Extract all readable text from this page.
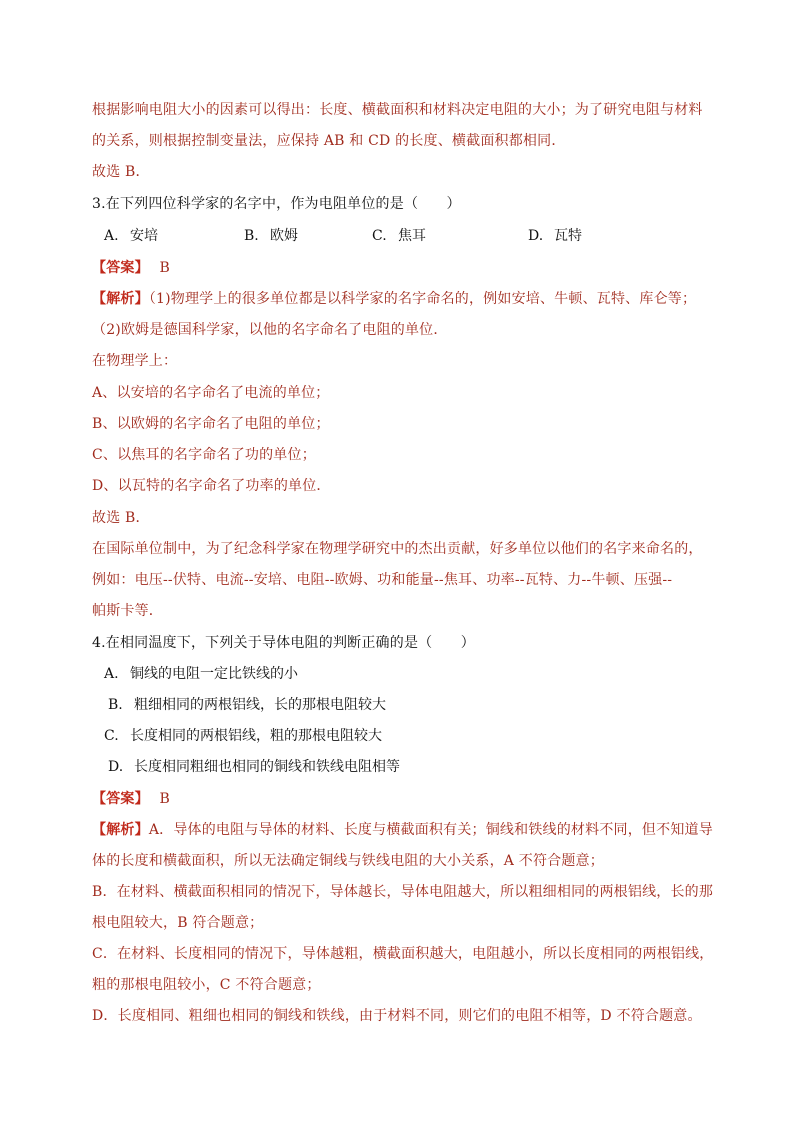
根据影响电阻大小的因素可以得出：长度、横截面积和材料决定电阻的大小；为了研究电阻与材料
的关系，则根据控制变量法，应保持 AB 和 CD 的长度、横截面积都相同．
故选 B．
3.在下列四位科学家的名字中，作为电阻单位的是（　　）
A. 安培	B. 欧姆	C. 焦耳	D. 瓦特
【答案】 B
【解析】（1)物理学上的很多单位都是以科学家的名字命名的，例如安培、牛顿、瓦特、库仑等；
（2)欧姆是德国科学家，以他的名字命名了电阻的单位．
在物理学上：
A、以安培的名字命名了电流的单位；
B、以欧姆的名字命名了电阻的单位；
C、以焦耳的名字命名了功的单位；
D、以瓦特的名字命名了功率的单位．
故选 B．
在国际单位制中，为了纪念科学家在物理学研究中的杰出贡献，好多单位以他们的名字来命名的，
例如：电压--伏特、电流--安培、电阻--欧姆、功和能量--焦耳、功率--瓦特、力--牛顿、压强--
帕斯卡等．
4.在相同温度下，下列关于导体电阻的判断正确的是（　　）
A. 铜线的电阻一定比铁线的小
B. 粗细相同的两根铝线，长的那根电阻较大
C. 长度相同的两根铝线，粗的那根电阻较大
D. 长度相同粗细也相同的铜线和铁线电阻相等
【答案】 B
【解析】A．导体的电阻与导体的材料、长度与横截面积有关；铜线和铁线的材料不同，但不知道导
体的长度和横截面积，所以无法确定铜线与铁线电阻的大小关系，A 不符合题意；
B．在材料、横截面积相同的情况下，导体越长，导体电阻越大，所以粗细相同的两根铝线，长的那
根电阻较大，B 符合题意；
C．在材料、长度相同的情况下，导体越粗，横截面积越大，电阻越小，所以长度相同的两根铝线，
粗的那根电阻较小，C 不符合题意；
D．长度相同、粗细也相同的铜线和铁线，由于材料不同，则它们的电阻不相等，D 不符合题意。
